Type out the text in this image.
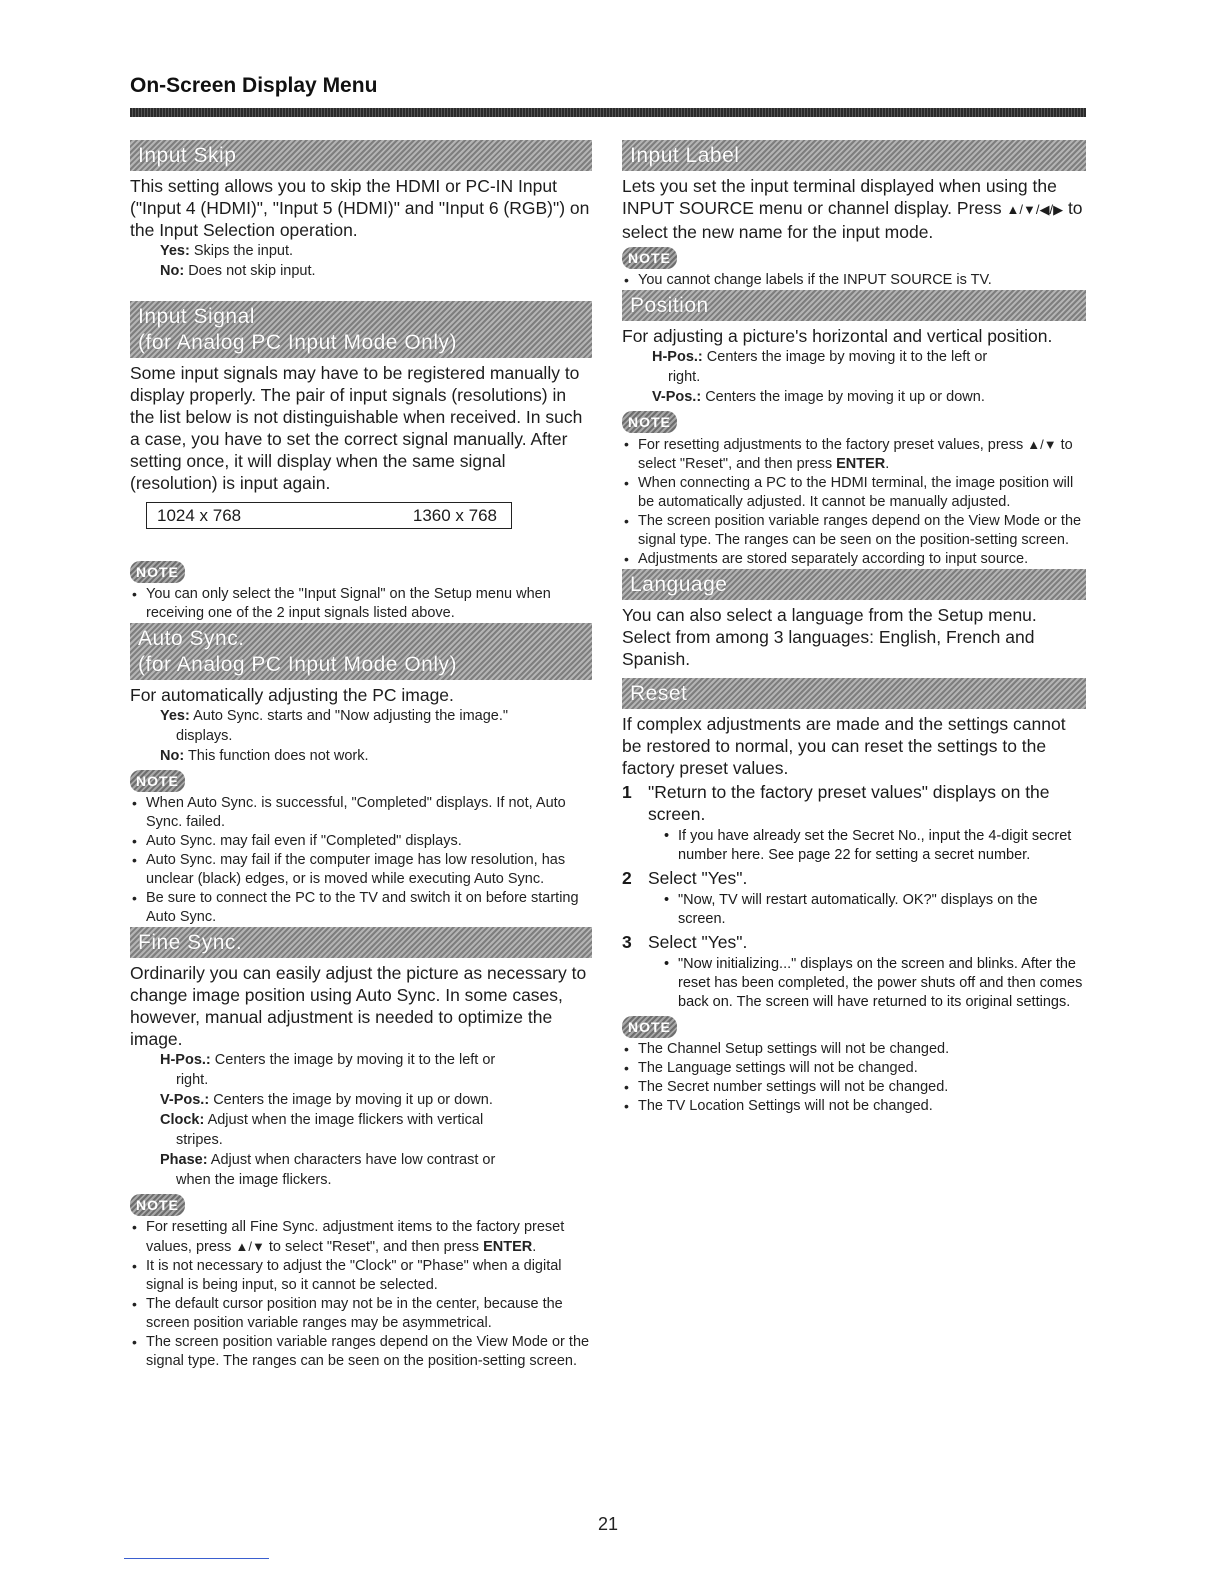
On-Screen Display Menu
Input Skip

This setting allows you to skip the HDMI or PC-IN Input ("Input 4 (HDMI)", "Input 5 (HDMI)" and "Input 6 (RGB)") on the Input Selection operation.

Yes: Skips the input.
No: Does not skip input.
Input Signal
(for Analog PC Input Mode Only)

Some input signals may have to be registered manually to display properly. The pair of input signals (resolutions) in the list below is not distinguishable when received. In such a case, you have to set the correct signal manually. After setting once, it will display when the same signal (resolution) is input again.

1024 x 768	1360 x 768
NOTE
• You can only select the "Input Signal" on the Setup menu when receiving one of the 2 input signals listed above.
Auto Sync.
(for Analog PC Input Mode Only)

For automatically adjusting the PC image.

Yes: Auto Sync. starts and "Now adjusting the image."
displays.
No: This function does not work.
NOTE
• When Auto Sync. is successful, "Completed" displays. If not, Auto Sync. failed.
• Auto Sync. may fail even if "Completed" displays.
• Auto Sync. may fail if the computer image has low resolution, has unclear (black) edges, or is moved while executing Auto Sync.
• Be sure to connect the PC to the TV and switch it on before starting Auto Sync.
Fine Sync.

Ordinarily you can easily adjust the picture as necessary to change image position using Auto Sync. In some cases, however, manual adjustment is needed to optimize the image.

H-Pos.: Centers the image by moving it to the left or
right.
V-Pos.: Centers the image by moving it up or down.
Clock: Adjust when the image flickers with vertical
stripes.
Phase: Adjust when characters have low contrast or
when the image flickers.
NOTE
• For resetting all Fine Sync. adjustment items to the factory preset values, press ▲/▼ to select "Reset", and then press ENTER.
• It is not necessary to adjust the "Clock" or "Phase" when a digital signal is being input, so it cannot be selected.
• The default cursor position may not be in the center, because the screen position variable ranges may be asymmetrical.
• The screen position variable ranges depend on the View Mode or the signal type. The ranges can be seen on the position-setting screen.
Input Label

Lets you set the input terminal displayed when using the INPUT SOURCE menu or channel display. Press ▲/▼/◀/▶ to select the new name for the input mode.

NOTE
• You cannot change labels if the INPUT SOURCE is TV.
Position

For adjusting a picture's horizontal and vertical position.

H-Pos.: Centers the image by moving it to the left or
right.
V-Pos.: Centers the image by moving it up or down.
NOTE
• For resetting adjustments to the factory preset values, press ▲/▼ to select "Reset", and then press ENTER.
• When connecting a PC to the HDMI terminal, the image position will be automatically adjusted. It cannot be manually adjusted.
• The screen position variable ranges depend on the View Mode or the signal type. The ranges can be seen on the position-setting screen.
• Adjustments are stored separately according to input source.
Language

You can also select a language from the Setup menu. Select from among 3 languages: English, French and Spanish.

Reset

If complex adjustments are made and the settings cannot be restored to normal, you can reset the settings to the factory preset values.

1 "Return to the factory preset values" displays on the screen.
• If you have already set the Secret No., input the 4-digit secret number here. See page 22 for setting a secret number.
2 Select "Yes".
• "Now, TV will restart automatically. OK?" displays on the screen.
3 Select "Yes".
• "Now initializing..." displays on the screen and blinks. After the reset has been completed, the power shuts off and then comes back on. The screen will have returned to its original settings.
NOTE
• The Channel Setup settings will not be changed.
• The Language settings will not be changed.
• The Secret number settings will not be changed.
• The TV Location Settings will not be changed.
21
